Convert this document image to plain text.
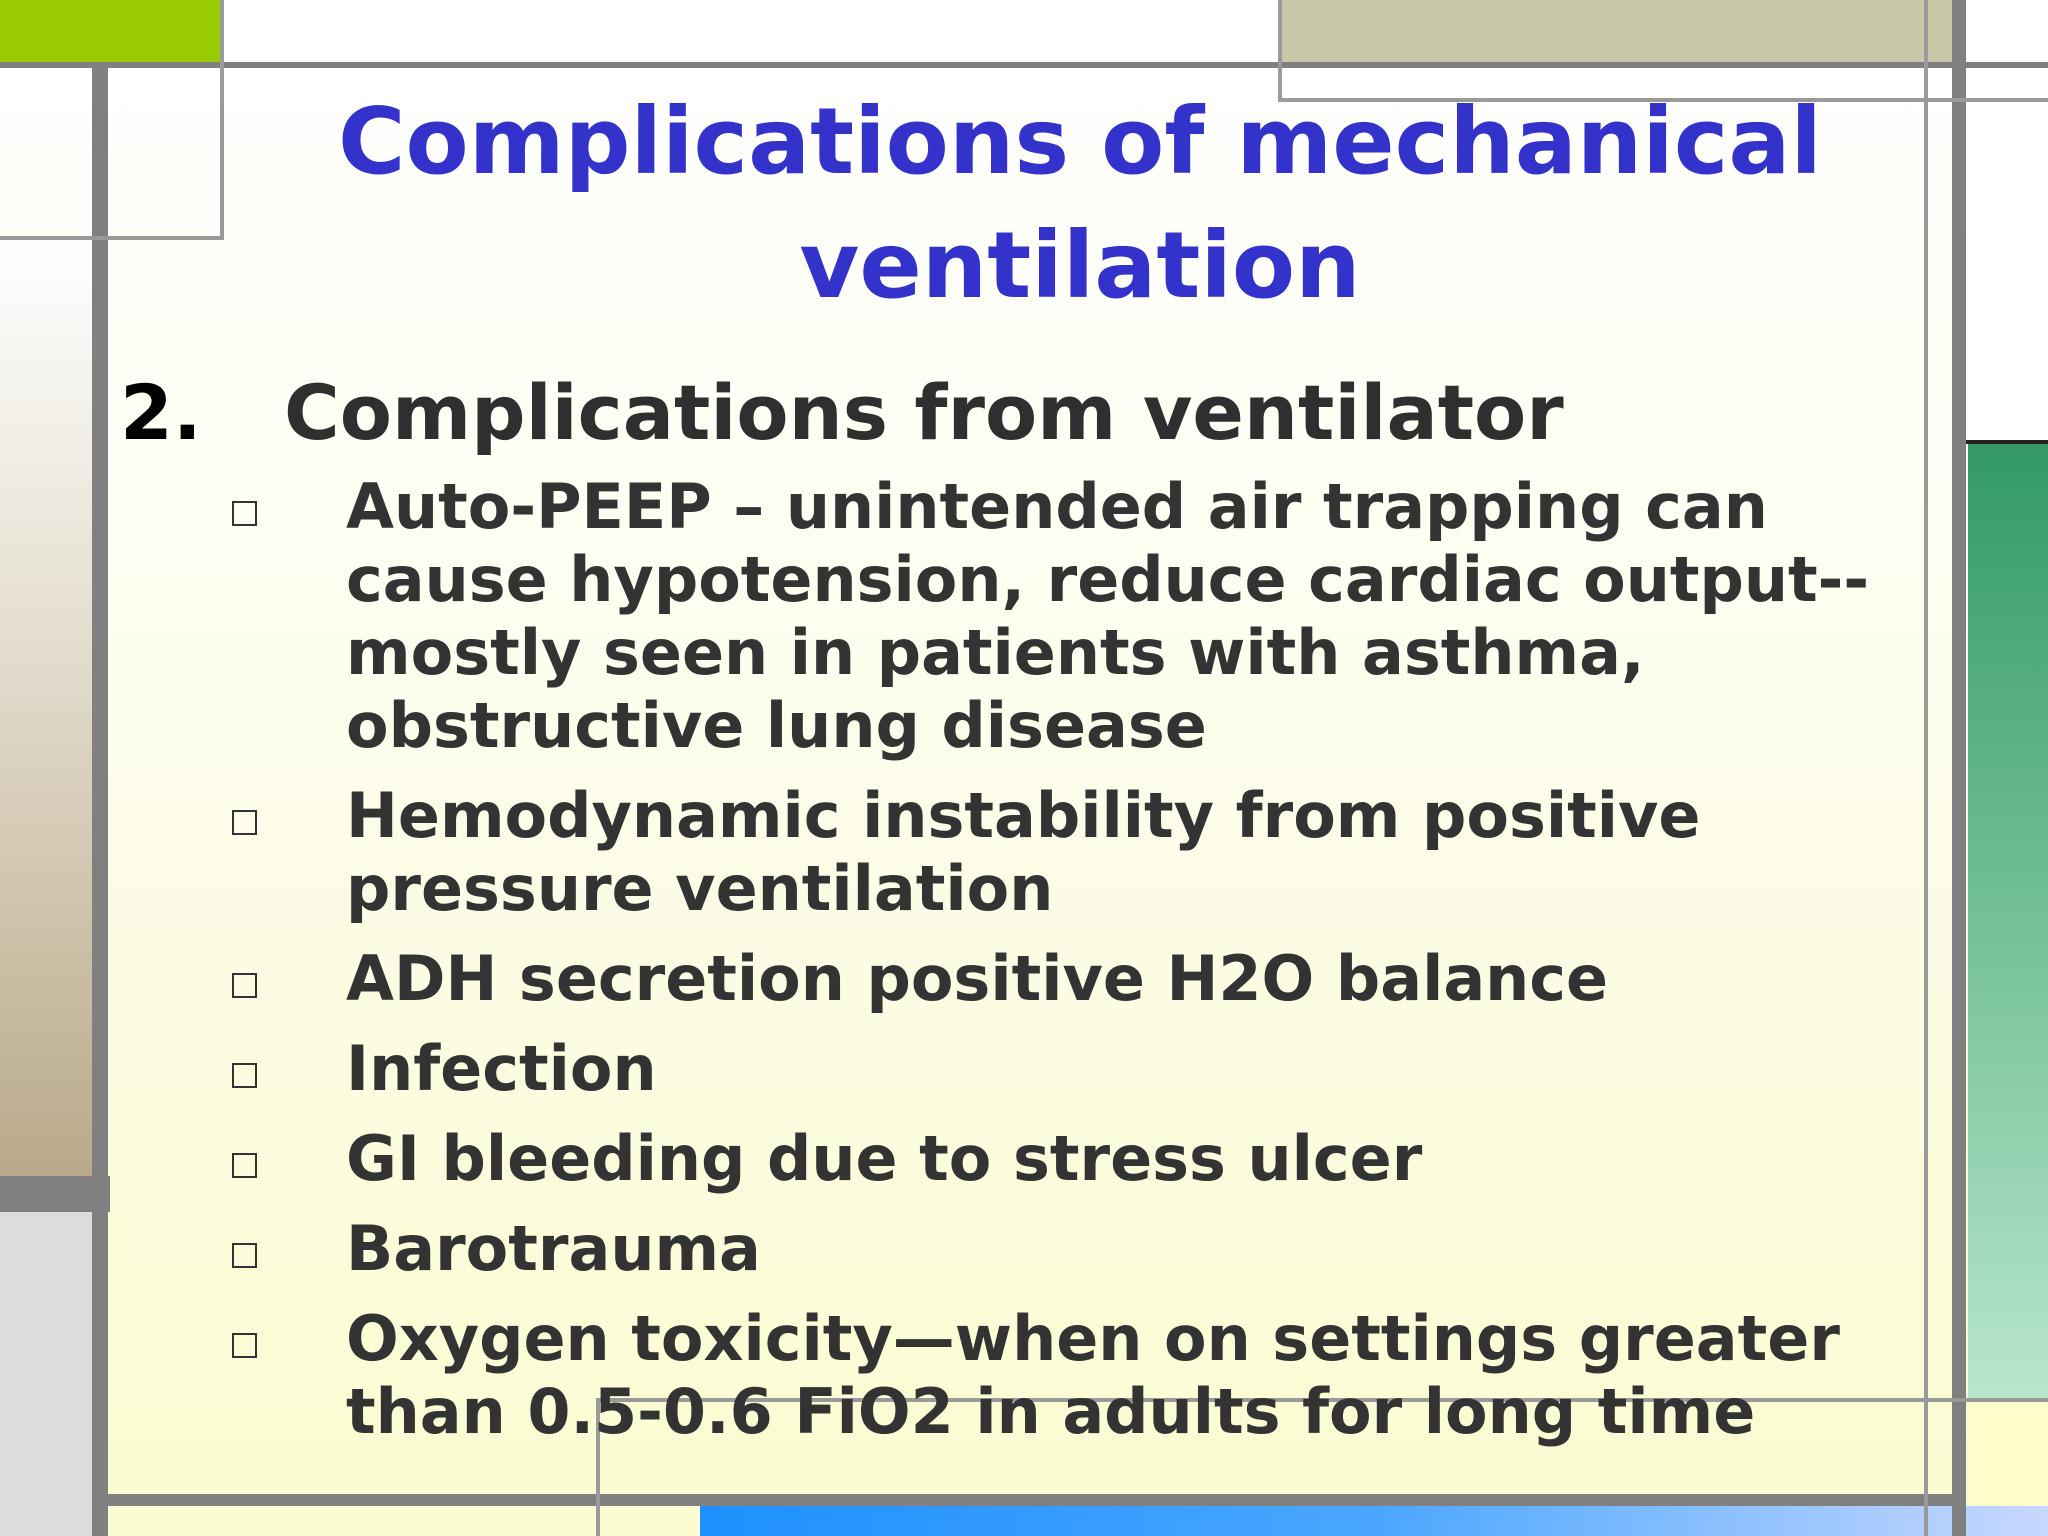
Complications of mechanical ventilation
2. Complications from ventilator
Auto-PEEP – unintended air trapping can cause hypotension, reduce cardiac output-- mostly seen in patients with asthma, obstructive lung disease
Hemodynamic instability from positive pressure ventilation
ADH secretion positive H2O balance
Infection
GI bleeding due to stress ulcer
Barotrauma
Oxygen toxicity—when on settings greater than 0.5-0.6 FiO2 in adults for long time
